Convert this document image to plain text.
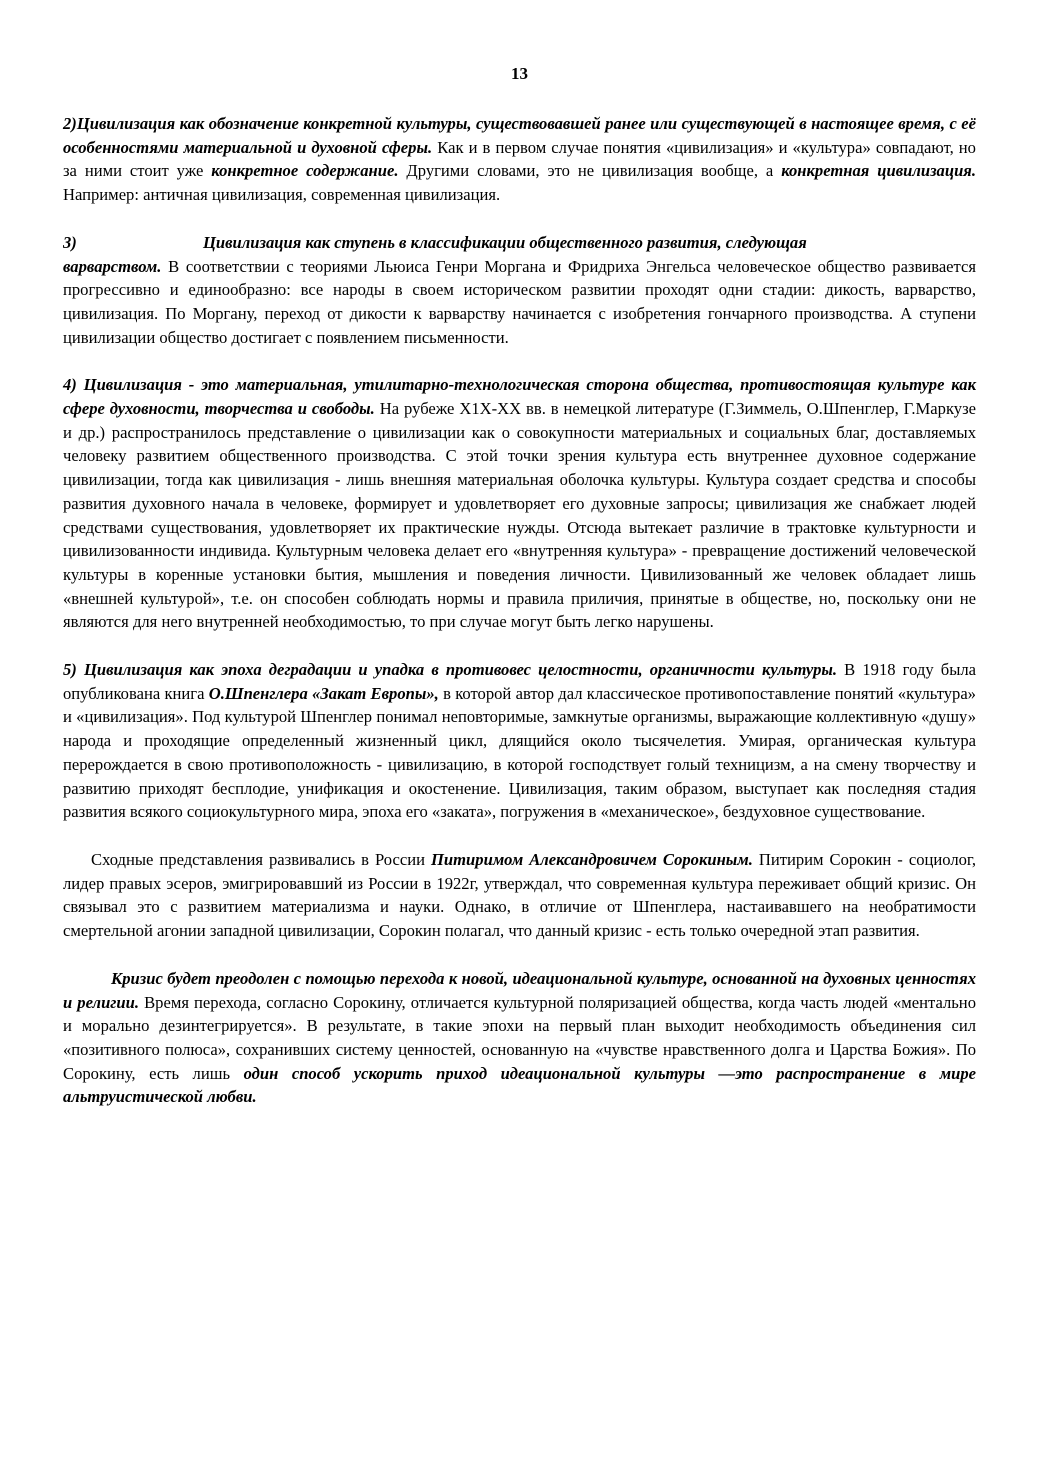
13

2)Цивилизация как обозначение конкретной культуры, существовавшей ранее или существующей в настоящее время, с её особенностями материальной и духовной сферы. Как и в первом случае понятия «цивилизация» и «культура» совпадают, но за ними стоит уже конкретное содержание. Другими словами, это не цивилизация вообще, а конкретная цивилизация. Например: античная цивилизация, современная цивилизация.

3)	Цивилизация как ступень в классификации общественного развития, следующая

варварством. В соответствии с теориями Льюиса Генри Моргана и Фридриха Энгельса человеческое общество развивается прогрессивно и единообразно: все народы в своем историческом развитии проходят одни стадии: дикость, варварство, цивилизация. По Моргану, переход от дикости к варварству начинается с изобретения гончарного производства. А ступени цивилизации общество достигает с появлением письменности.

4) Цивилизация - это материальная, утилитарно-технологическая сторона общества, противостоящая культуре как сфере духовности, творчества и свободы. На рубеже Х1Х-ХХ вв. в немецкой литературе (Г.Зиммель, О.Шпенглер, Г.Маркузе и др.) распространилось представление о цивилизации как о совокупности материальных и социальных благ, доставляемых человеку развитием общественного производства. С этой точки зрения культура есть внутреннее духовное содержание цивилизации, тогда как цивилизация - лишь внешняя материальная оболочка культуры. Культура создает средства и способы развития духовного начала в человеке, формирует и удовлетворяет его духовные запросы; цивилизация же снабжает людей средствами существования, удовлетворяет их практические нужды. Отсюда вытекает различие в трактовке культурности и цивилизованности индивида. Культурным человека делает его «внутренняя культура» - превращение достижений человеческой культуры в коренные установки бытия, мышления и поведения личности. Цивилизованный же человек обладает лишь «внешней культурой», т.е. он способен соблюдать нормы и правила приличия, принятые в обществе, но, поскольку они не являются для него внутренней необходимостью, то при случае могут быть легко нарушены.

5) Цивилизация как эпоха деградации и упадка в противовес целостности, органичности культуры. В 1918 году была опубликована книга О.Шпенглера «Закат Европы», в которой автор дал классическое противопоставление понятий «культура» и «цивилизация». Под культурой Шпенглер понимал неповторимые, замкнутые организмы, выражающие коллективную «душу» народа и проходящие определенный жизненный цикл, длящийся около тысячелетия. Умирая, органическая культура перерождается в свою противоположность - цивилизацию, в которой господствует голый техницизм, а на смену творчеству и развитию приходят бесплодие, унификация и окостенение. Цивилизация, таким образом, выступает как последняя стадия развития всякого социокультурного мира, эпоха его «заката», погружения в «механическое», бездуховное существование.

Сходные представления развивались в России Питиримом Александровичем Сорокиным. Питирим Сорокин - социолог, лидер правых эсеров, эмигрировавший из России в 1922г, утверждал, что современная культура переживает общий кризис. Он связывал это с развитием материализма и науки. Однако, в отличие от Шпенглера, настаивавшего на необратимости смертельной агонии западной цивилизации, Сорокин полагал, что данный кризис - есть только очередной этап развития.

Кризис будет преодолен с помощью перехода к новой, идеациональной культуре, основанной на духовных ценностях и религии. Время перехода, согласно Сорокину, отличается культурной поляризацией общества, когда часть людей «ментально и морально дезинтегрируется». В результате, в такие эпохи на первый план выходит необходимость объединения сил «позитивного полюса», сохранивших систему ценностей, основанную на «чувстве нравственного долга и Царства Божия». По Сорокину, есть лишь один способ ускорить приход идеациональной культуры —это распространение в мире альтруистической любви.
